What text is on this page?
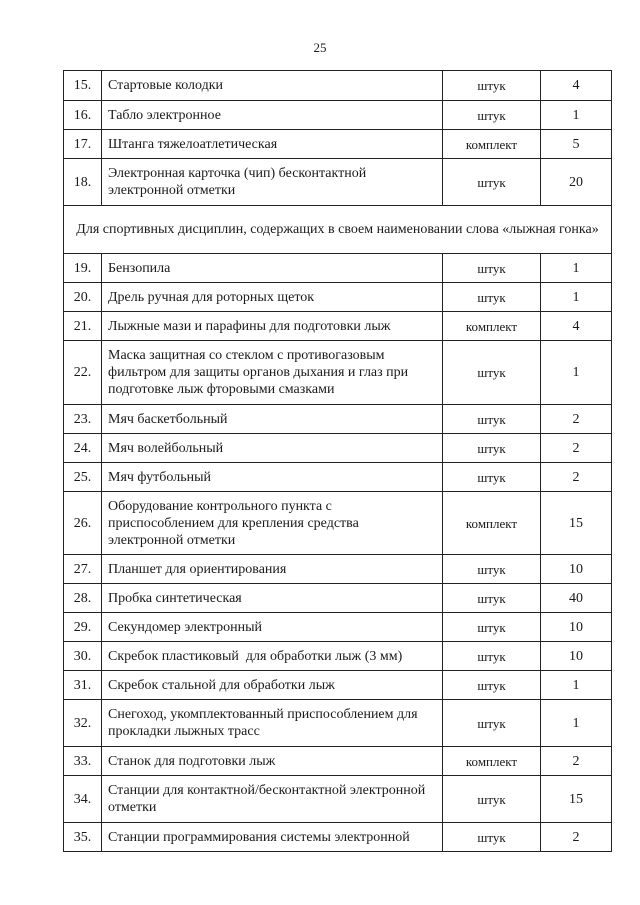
25
15.	Стартовые колодки	штук	4
16.	Табло электронное	штук	1
17.	Штанга тяжелоатлетическая	комплект	5
18.	Электронная карточка (чип) бесконтактной электронной отметки	штук	20
Для спортивных дисциплин, содержащих в своем наименовании слова «лыжная гонка»			
19.	Бензопила	штук	1
20.	Дрель ручная для роторных щеток	штук	1
21.	Лыжные мази и парафины для подготовки лыж	комплект	4
22.	Маска защитная со стеклом с противогазовым фильтром для защиты органов дыхания и глаз при подготовке лыж фторовыми смазками	штук	1
23.	Мяч баскетбольный	штук	2
24.	Мяч волейбольный	штук	2
25.	Мяч футбольный	штук	2
26.	Оборудование контрольного пункта с приспособлением для крепления средства электронной отметки	комплект	15
27.	Планшет для ориентирования	штук	10
28.	Пробка синтетическая	штук	40
29.	Секундомер электронный	штук	10
30.	Скребок пластиковый  для обработки лыж (3 мм)	штук	10
31.	Скребок стальной для обработки лыж	штук	1
32.	Снегоход, укомплектованный приспособлением для прокладки лыжных трасс	штук	1
33.	Станок для подготовки лыж	комплект	2
34.	Станции для контактной/бесконтактной электронной отметки	штук	15
35.	Станции программирования системы электронной	штук	2
